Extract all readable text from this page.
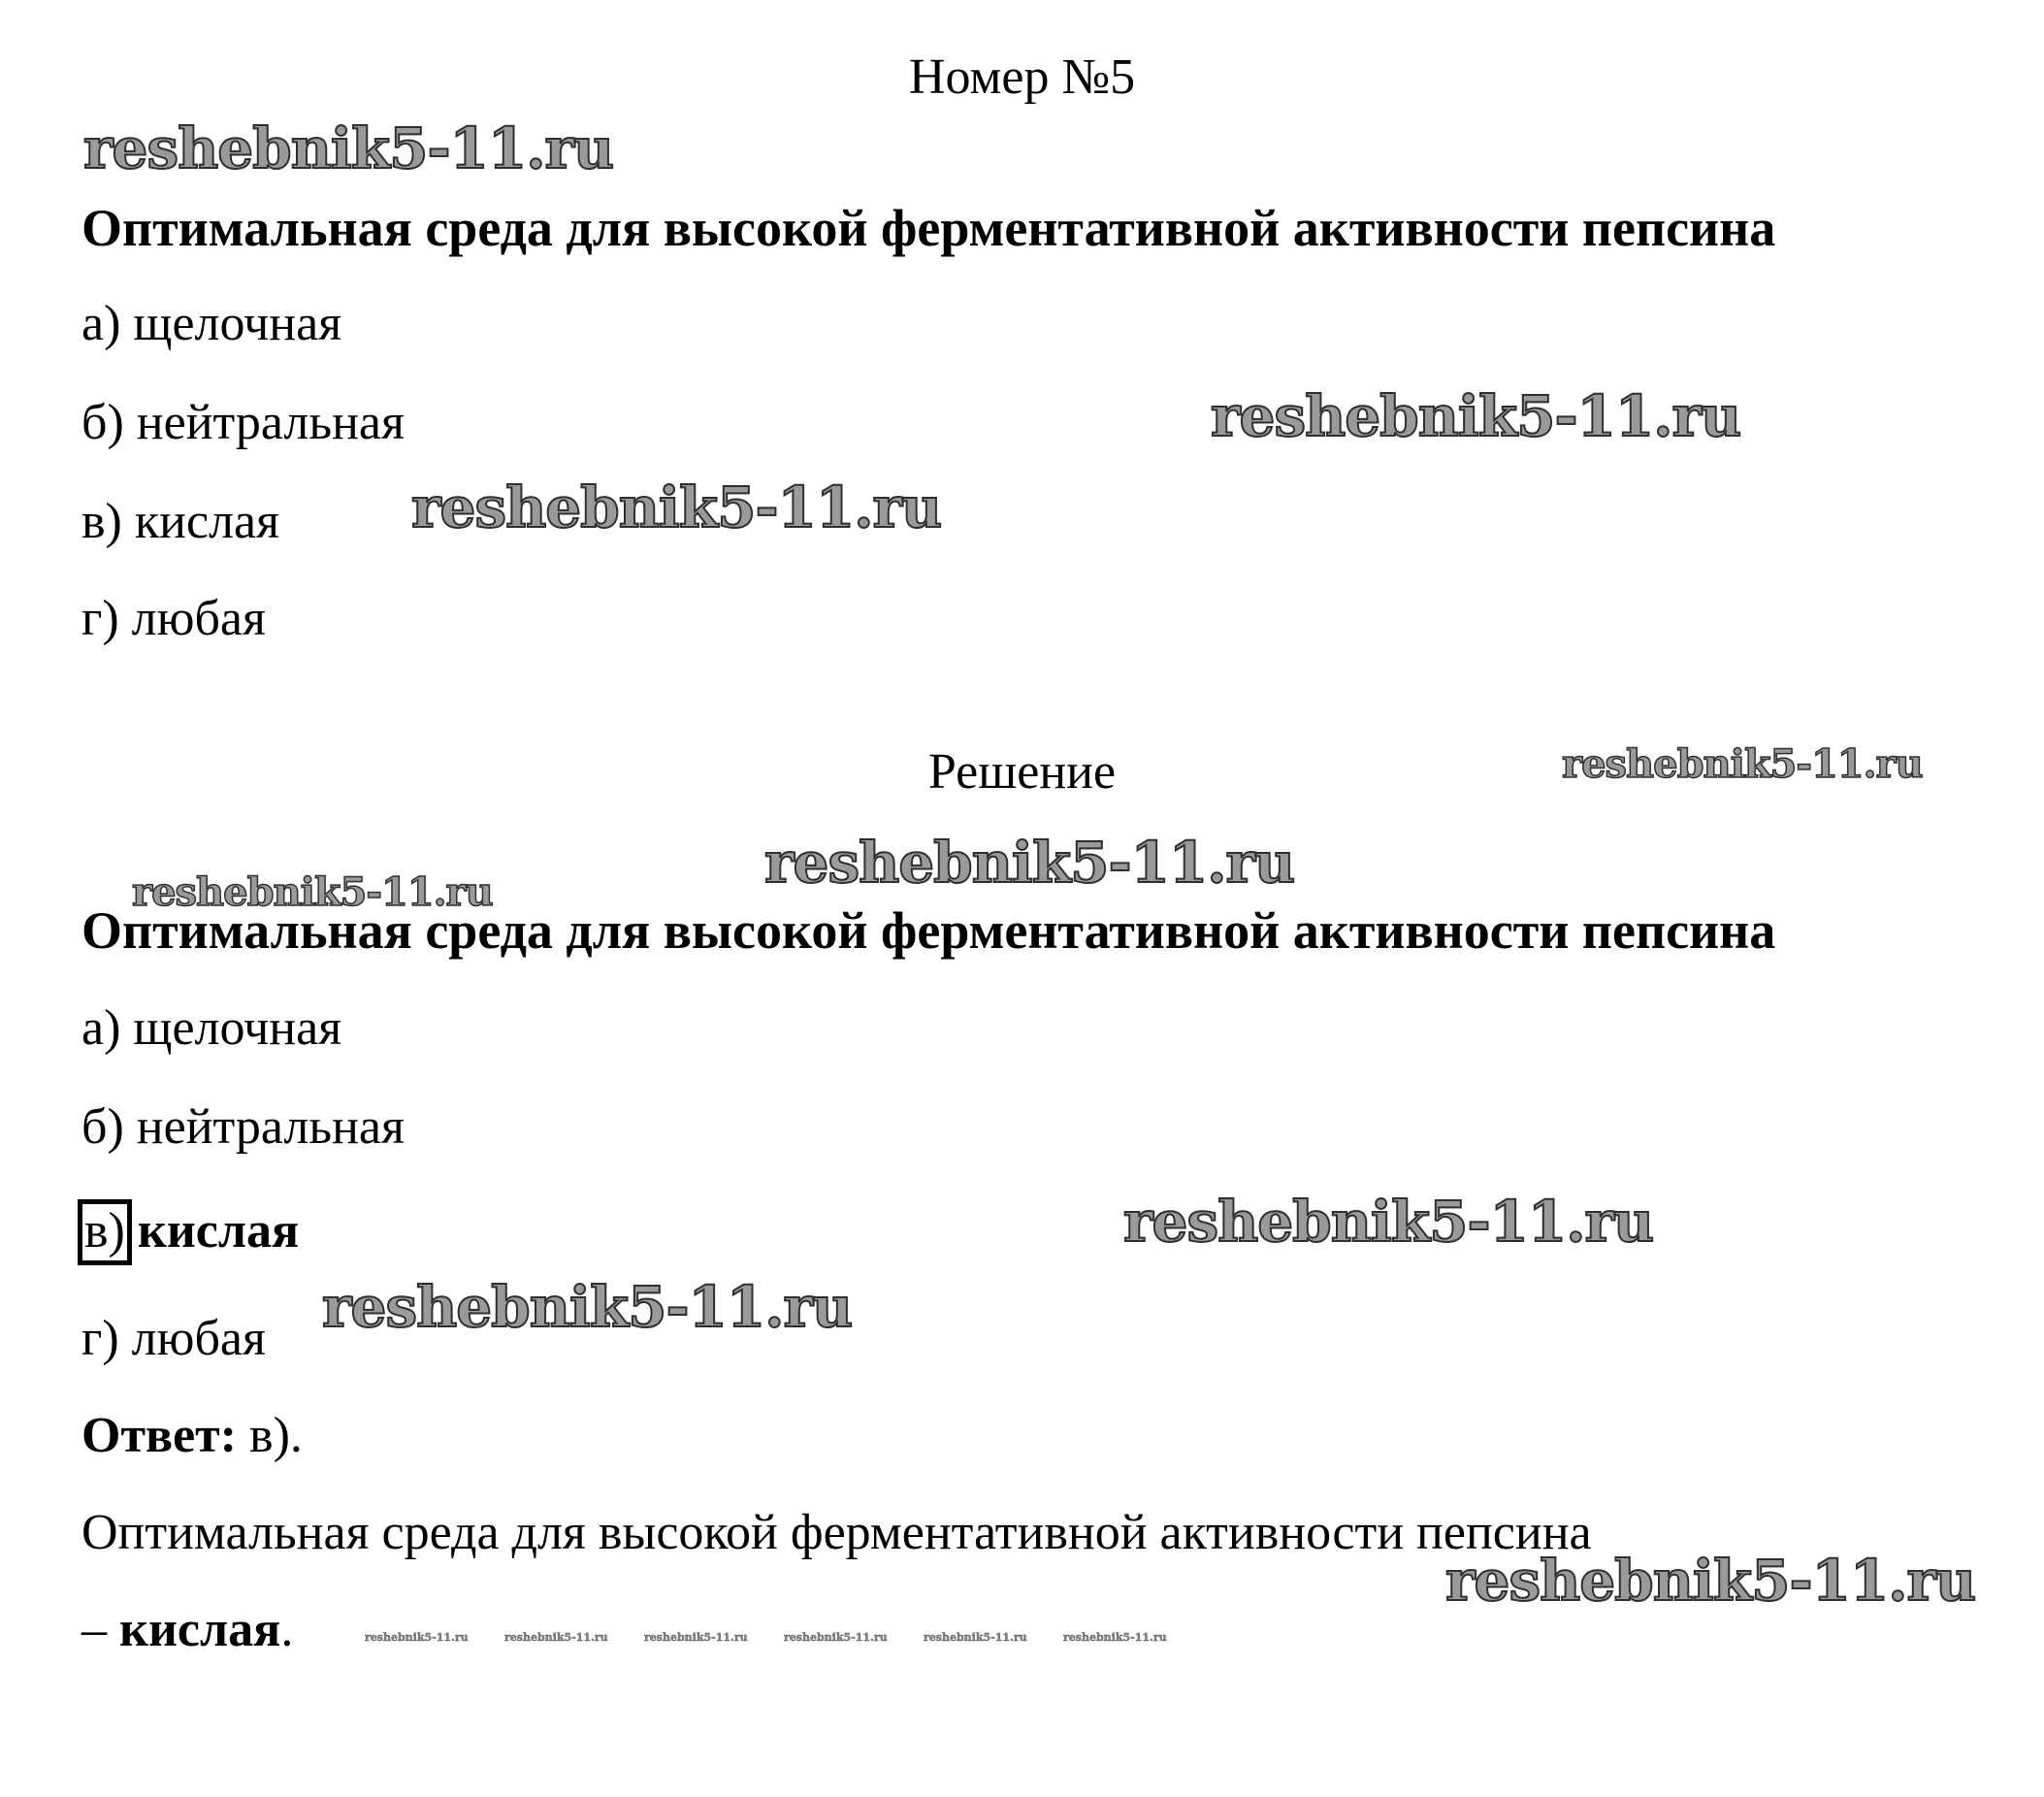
Номер №5
Оптимальная среда для высокой ферментативной активности пепсина
а) щелочная
б) нейтральная
в) кислая
г) любая
Решение
Оптимальная среда для высокой ферментативной активности пепсина
а) щелочная
б) нейтральная
в) кислая
г) любая
Ответ: в).
Оптимальная среда для высокой ферментативной активности пепсина
– кислая.
reshebnik5-11.ru
reshebnik5-11.ru
reshebnik5-11.ru
reshebnik5-11.ru
reshebnik5-11.ru
reshebnik5-11.ru
reshebnik5-11.ru
reshebnik5-11.ru
reshebnik5-11.ru
reshebnik5-11.ru	reshebnik5-11.ru	reshebnik5-11.ru	reshebnik5-11.ru	reshebnik5-11.ru	reshebnik5-11.ru
